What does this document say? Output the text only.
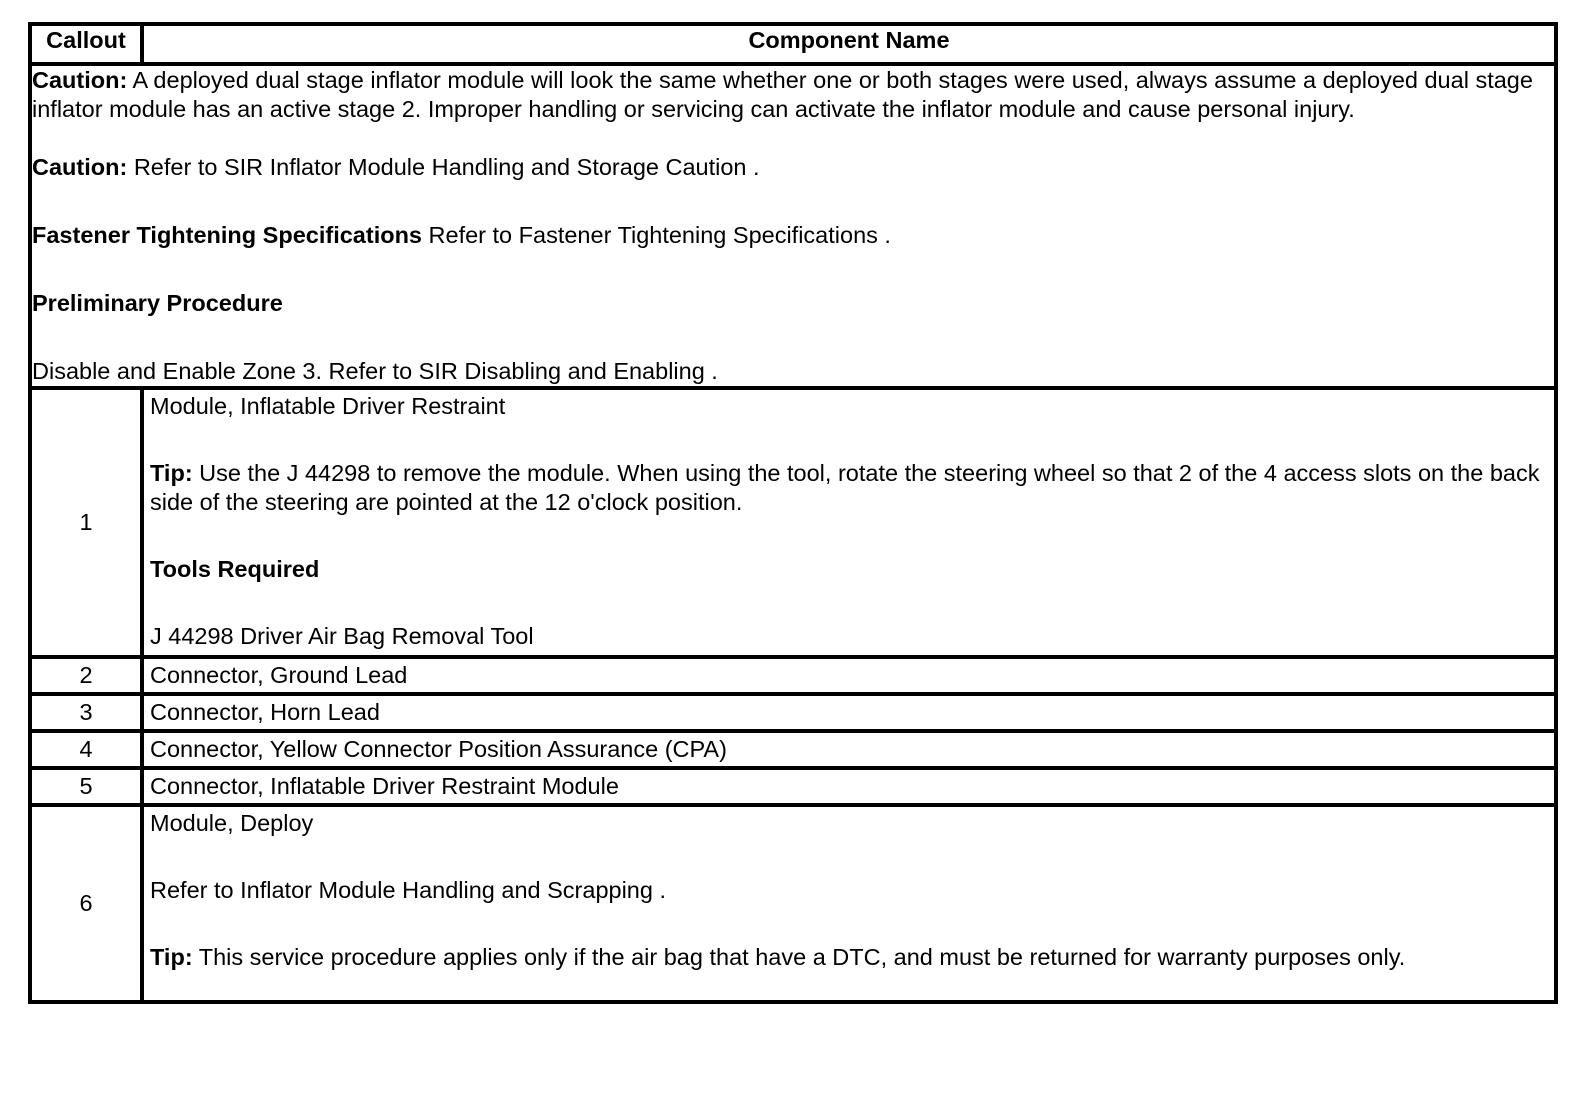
Callout	Component Name

Caution: A deployed dual stage inflator module will look the same whether one or both stages were used, always assume a deployed dual stage inflator module has an active stage 2. Improper handling or servicing can activate the inflator module and cause personal injury.

Caution: Refer to SIR Inflator Module Handling and Storage Caution .

Fastener Tightening Specifications Refer to Fastener Tightening Specifications .

Preliminary Procedure

Disable and Enable Zone 3. Refer to SIR Disabling and Enabling .	

1	Module, Inflatable Driver Restraint

Tip: Use the J 44298 to remove the module. When using the tool, rotate the steering wheel so that 2 of the 4 access slots on the back side of the steering are pointed at the 12 o'clock position.

Tools Required

J 44298 Driver Air Bag Removal Tool

2	Connector, Ground Lead
3	Connector, Horn Lead
4	Connector, Yellow Connector Position Assurance (CPA)
5	Connector, Inflatable Driver Restraint Module
6	Module, Deploy

Refer to Inflator Module Handling and Scrapping .

Tip: This service procedure applies only if the air bag that have a DTC, and must be returned for warranty purposes only.
